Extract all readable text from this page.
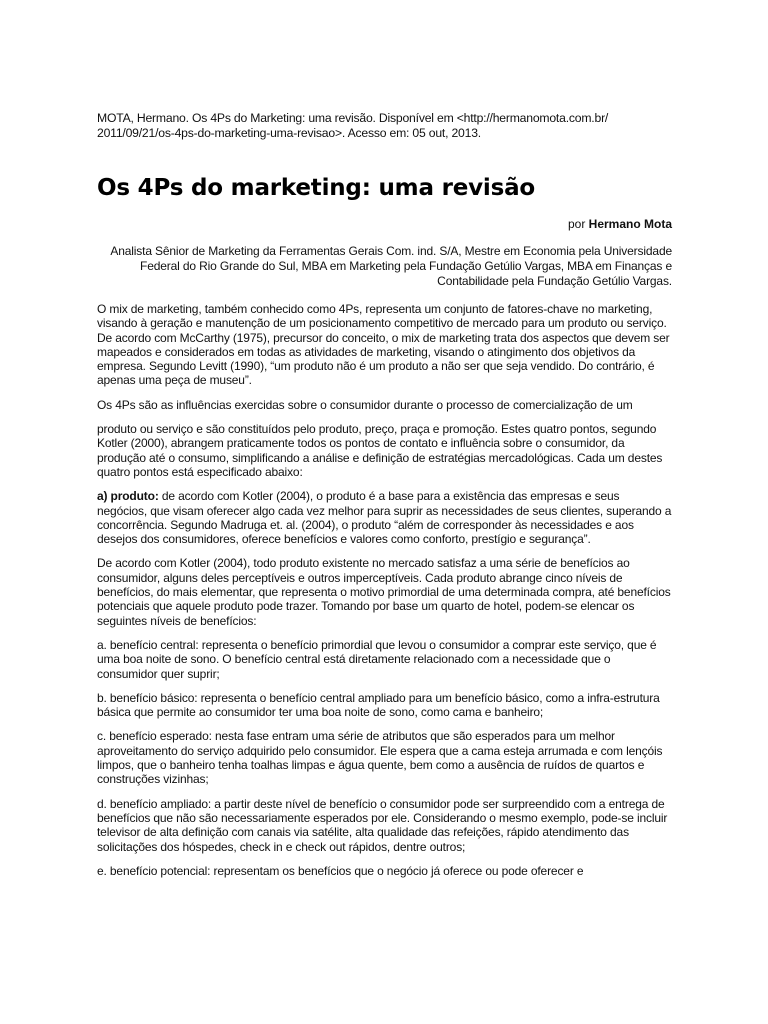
MOTA, Hermano. Os 4Ps do Marketing: uma revisão. Disponível em <http://hermanomota.com.br/ 2011/09/21/os-4ps-do-marketing-uma-revisao>. Acesso em: 05 out, 2013.

Os 4Ps do marketing: uma revisão

por Hermano Mota

Analista Sênior de Marketing da Ferramentas Gerais Com. ind. S/A, Mestre em Economia pela Universidade Federal do Rio Grande do Sul, MBA em Marketing pela Fundação Getúlio Vargas, MBA em Finanças e Contabilidade pela Fundação Getúlio Vargas.

O mix de marketing, também conhecido como 4Ps, representa um conjunto de fatores-chave no marketing, visando à geração e manutenção de um posicionamento competitivo de mercado para um produto ou serviço. De acordo com McCarthy (1975), precursor do conceito, o mix de marketing trata dos aspectos que devem ser mapeados e considerados em todas as atividades de marketing, visando o atingimento dos objetivos da empresa. Segundo Levitt (1990), “um produto não é um produto a não ser que seja vendido. Do contrário, é apenas uma peça de museu”.

Os 4Ps são as influências exercidas sobre o consumidor durante o processo de comercialização de um

produto ou serviço e são constituídos pelo produto, preço, praça e promoção. Estes quatro pontos, segundo Kotler (2000), abrangem praticamente todos os pontos de contato e influência sobre o consumidor, da produção até o consumo, simplificando a análise e definição de estratégias mercadológicas. Cada um destes quatro pontos está especificado abaixo:

a) produto: de acordo com Kotler (2004), o produto é a base para a existência das empresas e seus negócios, que visam oferecer algo cada vez melhor para suprir as necessidades de seus clientes, superando a concorrência. Segundo Madruga et. al. (2004), o produto “além de corresponder às necessidades e aos desejos dos consumidores, oferece benefícios e valores como conforto, prestígio e segurança”.

De acordo com Kotler (2004), todo produto existente no mercado satisfaz a uma série de benefícios ao consumidor, alguns deles perceptíveis e outros imperceptíveis. Cada produto abrange cinco níveis de benefícios, do mais elementar, que representa o motivo primordial de uma determinada compra, até benefícios potenciais que aquele produto pode trazer. Tomando por base um quarto de hotel, podem-se elencar os seguintes níveis de benefícios:

a. benefício central: representa o benefício primordial que levou o consumidor a comprar este serviço, que é uma boa noite de sono. O benefício central está diretamente relacionado com a necessidade que o consumidor quer suprir;

b. benefício básico: representa o benefício central ampliado para um benefício básico, como a infra-estrutura básica que permite ao consumidor ter uma boa noite de sono, como cama e banheiro;

c. benefício esperado: nesta fase entram uma série de atributos que são esperados para um melhor aproveitamento do serviço adquirido pelo consumidor. Ele espera que a cama esteja arrumada e com lençóis limpos, que o banheiro tenha toalhas limpas e água quente, bem como a ausência de ruídos de quartos e construções vizinhas;

d. benefício ampliado: a partir deste nível de benefício o consumidor pode ser surpreendido com a entrega de benefícios que não são necessariamente esperados por ele. Considerando o mesmo exemplo, pode-se incluir televisor de alta definição com canais via satélite, alta qualidade das refeições, rápido atendimento das solicitações dos hóspedes, check in e check out rápidos, dentre outros;

e. benefício potencial: representam os benefícios que o negócio já oferece ou pode oferecer e
